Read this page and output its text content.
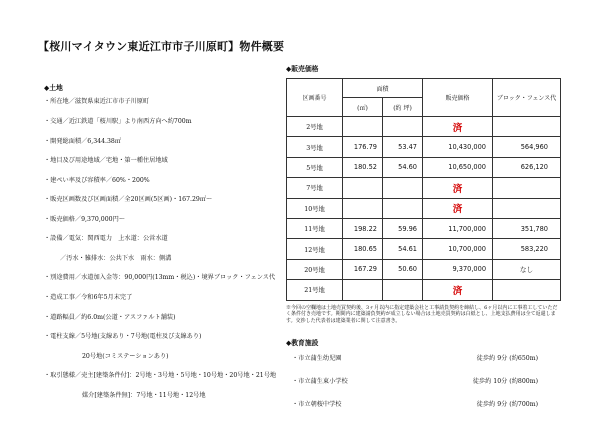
【桜川マイタウン東近江市市子川原町】物件概要
◆土地
・所在地／滋賀県東近江市市子川原町
・交通／近江鉄道「桜川駅」より南西方向へ約700m
・開発総面積／6,344.38㎡
・地目及び用途地域／宅地・第一種住居地域
・建ぺい率及び容積率／60%・200%
・販売区画数及び区画面積／全20区画(5区画)・167.29㎡～
・販売価格／9,370,000円～
・設備／電気：関西電力　上水道：公営水道
／汚水・雑排水：公共下水　雨水：側溝
・別途費用／水道加入金等：90,000円(13mm・税込)・境界ブロック・フェンス代
・造成工事／令和6年5月末完了
・道路幅員／約6.0m(公道・アスファルト舗装)
・電柱支線／5号地(支線あり・7号地(電柱及び支線あり)
20号地(コミステーションあり)
・取引態様／売主[建築条件付]：2号地・3号地・5号地・10号地・20号地・21号地
媒介[建築条件無]：7号地・11号地・12号地
◆販売価格
区画番号	面積		販売価格	ブロック・フェンス代
	(㎡)	(約 坪)		
2号地			済	
3号地	176.79	53.47	10,430,000	564,960
5号地	180.52	54.60	10,650,000	626,120
7号地			済	
10号地			済	
11号地	198.22	59.96	11,700,000	351,780
12号地	180.65	54.61	10,700,000	583,220
20号地	167.29	50.60	9,370,000	なし
21号地			済	
※今回の空欄地は土地売買契約後、3ヶ月以内に指定建築会社と工事請負契約を締結し、6ヶ月以内に工事着工していただく条件付き売地です。期間内に建築請負契約が成立しない場合は土地売買契約は白紙とし、上地支払費用は全て返還します。交渉した代表者は建築業者に関して注意書き。
◆教育施設
・市立蒲生幼児園	徒歩約 9分 (約650m)
・市立蒲生東小学校	徒歩約 10分 (約800m)
・市立朝桜中学校	徒歩約 9分 (約700m)
